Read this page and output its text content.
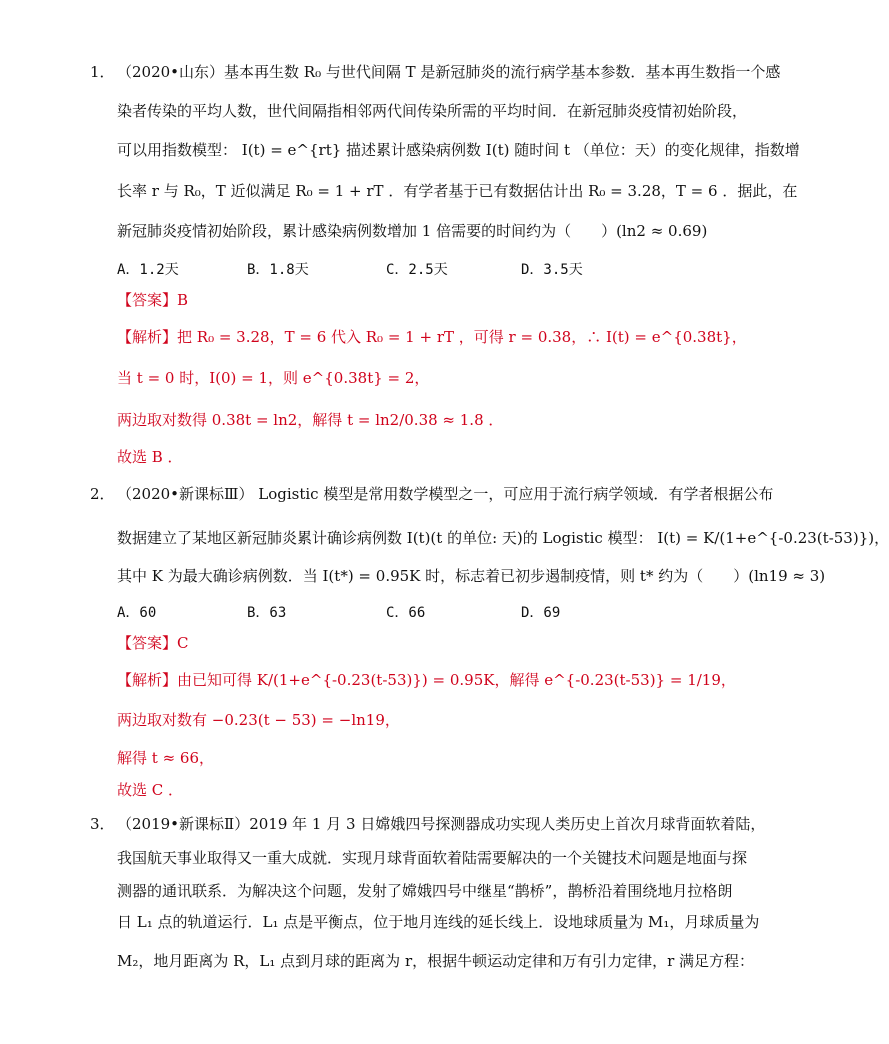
1． （2020•山东）基本再生数 R₀ 与世代间隔 T 是新冠肺炎的流行病学基本参数．基本再生数指一个感
染者传染的平均人数，世代间隔指相邻两代间传染所需的平均时间．在新冠肺炎疫情初始阶段，
可以用指数模型： I(t) = e^{rt} 描述累计感染病例数 I(t) 随时间 t （单位：天）的变化规律，指数增
长率 r 与 R₀，T 近似满足 R₀ = 1 + rT ．有学者基于已有数据估计出 R₀ = 3.28，T = 6 ．据此，在
新冠肺炎疫情初始阶段，累计感染病例数增加 1 倍需要的时间约为（　　）(ln2 ≈ 0.69)
A．1.2天	B．1.8天	C．2.5天	D．3.5天
【答案】B
【解析】把 R₀ = 3.28，T = 6 代入 R₀ = 1 + rT ，可得 r = 0.38，∴ I(t) = e^{0.38t}，
当 t = 0 时，I(0) = 1，则 e^{0.38t} = 2，
两边取对数得 0.38t = ln2，解得 t = ln2/0.38 ≈ 1.8 ．
故选 B ．
2． （2020•新课标Ⅲ） Logistic 模型是常用数学模型之一，可应用于流行病学领域．有学者根据公布
数据建立了某地区新冠肺炎累计确诊病例数 I(t)(t 的单位: 天)的 Logistic 模型： I(t) = K/(1+e^{-0.23(t-53)})，
其中 K 为最大确诊病例数．当 I(t*) = 0.95K 时，标志着已初步遏制疫情，则 t* 约为（　　）(ln19 ≈ 3)
A．60	B．63	C．66	D．69
【答案】C
【解析】由已知可得 K/(1+e^{-0.23(t-53)}) = 0.95K，解得 e^{-0.23(t-53)} = 1/19，
两边取对数有 −0.23(t − 53) = −ln19，
解得 t ≈ 66，
故选 C ．
3． （2019•新课标Ⅱ）2019 年 1 月 3 日嫦娥四号探测器成功实现人类历史上首次月球背面软着陆，
我国航天事业取得又一重大成就．实现月球背面软着陆需要解决的一个关键技术问题是地面与探
测器的通讯联系．为解决这个问题，发射了嫦娥四号中继星“鹊桥”，鹊桥沿着围绕地月拉格朗
日 L₁ 点的轨道运行．L₁ 点是平衡点，位于地月连线的延长线上．设地球质量为 M₁，月球质量为
M₂，地月距离为 R，L₁ 点到月球的距离为 r，根据牛顿运动定律和万有引力定律，r 满足方程：
